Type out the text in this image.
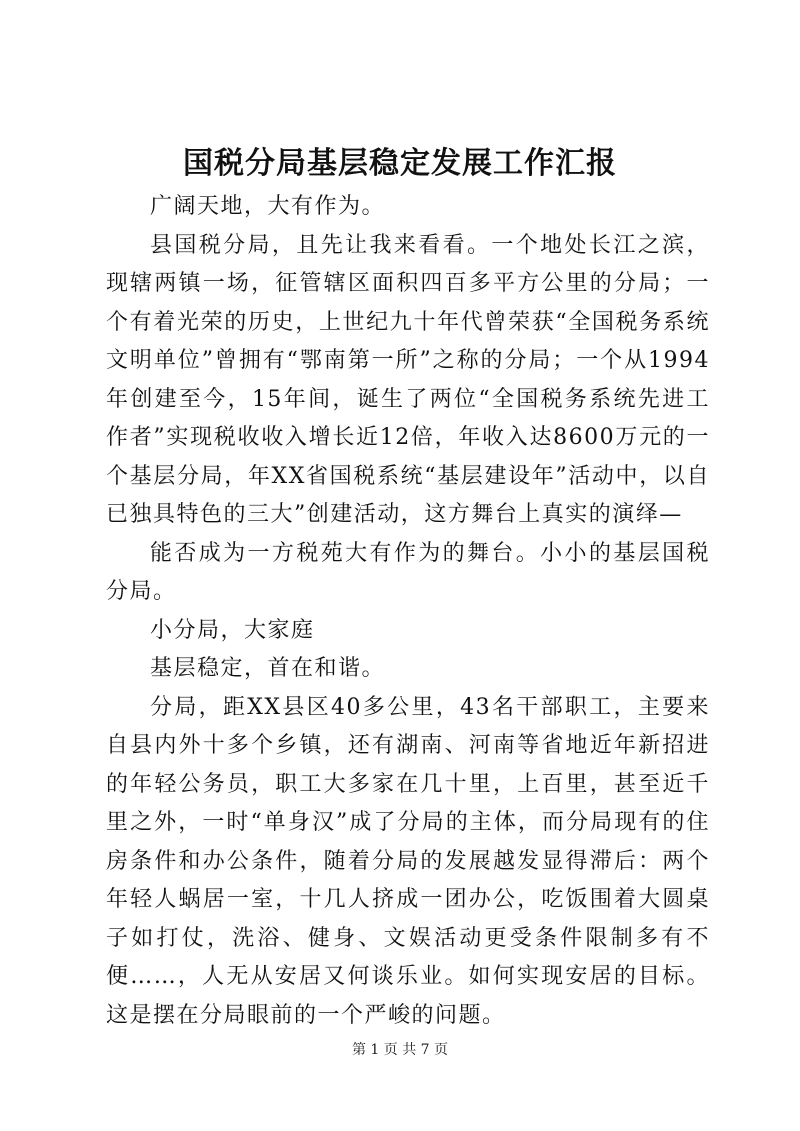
国税分局基层稳定发展工作汇报

广阔天地，大有作为。

县国税分局，且先让我来看看。一个地处长江之滨，现辖两镇一场，征管辖区面积四百多平方公里的分局；一个有着光荣的历史，上世纪九十年代曾荣获“全国税务系统文明单位”曾拥有“鄂南第一所”之称的分局；一个从1994年创建至今，15年间，诞生了两位“全国税务系统先进工作者”实现税收收入增长近12倍，年收入达8600万元的一个基层分局，年XX省国税系统“基层建设年”活动中，以自已独具特色的三大”创建活动，这方舞台上真实的演绎—

能否成为一方税苑大有作为的舞台。小小的基层国税分局。

小分局，大家庭

基层稳定，首在和谐。

分局，距XX县区40多公里，43名干部职工，主要来自县内外十多个乡镇，还有湖南、河南等省地近年新招进的年轻公务员，职工大多家在几十里，上百里，甚至近千里之外，一时“单身汉”成了分局的主体，而分局现有的住房条件和办公条件，随着分局的发展越发显得滞后：两个年轻人蜗居一室，十几人挤成一团办公，吃饭围着大圆桌子如打仗，洗浴、健身、文娱活动更受条件限制多有不便……，人无从安居又何谈乐业。如何实现安居的目标。这是摆在分局眼前的一个严峻的问题。

第 1 页 共 7 页
